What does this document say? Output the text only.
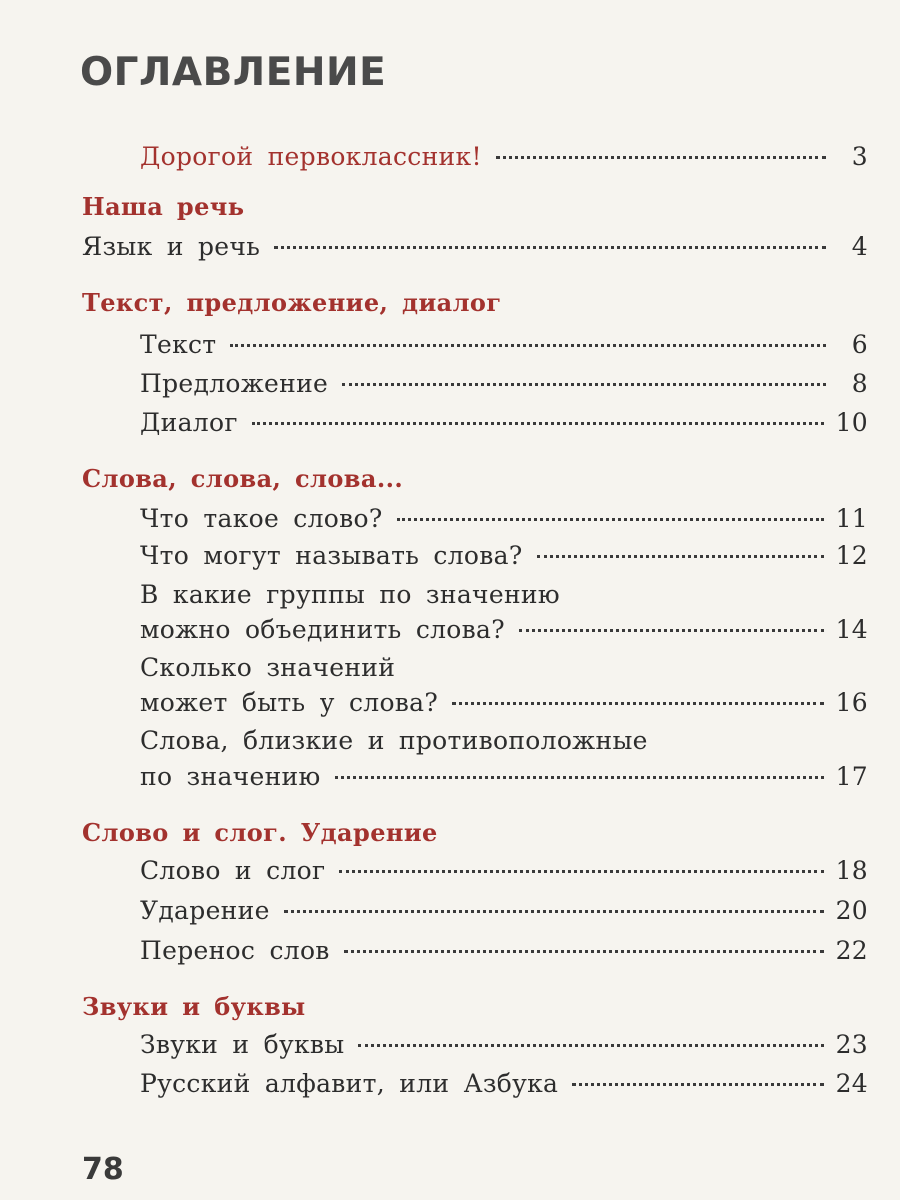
ОГЛАВЛЕНИЕ
Дорогой первоклассник!	3
Наша речь
Язык и речь	4
Текст, предложение, диалог
Текст	6
Предложение	8
Диалог	10
Слова, слова, слова...
Что такое слово?	11
Что могут называть слова?	12
В какие группы по значению
можно объединить слова?	14
Сколько значений
может быть у слова?	16
Слова, близкие и противоположные
по значению	17
Слово и слог. Ударение
Слово и слог	18
Ударение	20
Перенос слов	22
Звуки и буквы
Звуки и буквы	23
Русский алфавит, или Азбука	24
78
